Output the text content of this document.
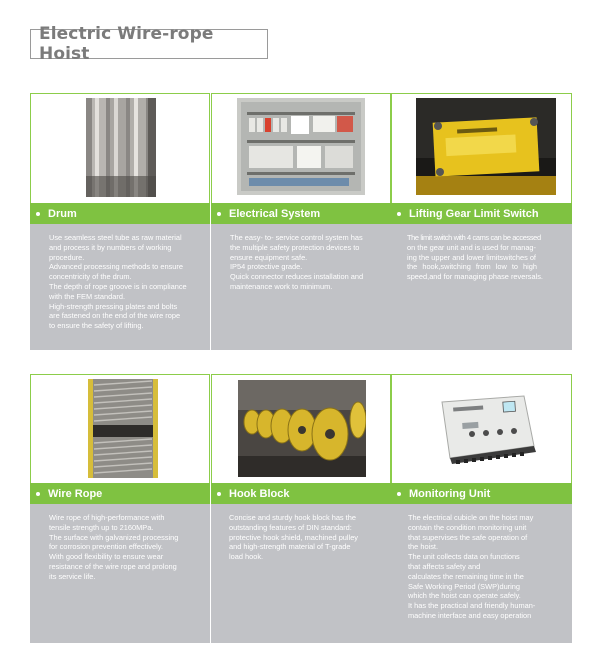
Electric Wire-rope Hoist
Drum

Use seamless steel tube as raw material

and process it by numbers of working

procedure.

Advanced processing methods to ensure

concentricity of the drum.

The depth of rope groove is in compliance

with the FEM standard.

High-strength pressing plates and bolts

are fastened on the end of the wire rope

to ensure the safety of lifting.

Electrical System

The easy- to- service control system has

the multiple safety protection devices to

ensure equipment safe.

IP54 protective grade.

Quick connector reduces installation and

maintenance work to minimum.

Lifting Gear Limit Switch

The limit switch with 4 cams can be accessed

on the gear unit and is used for manag-

ing the upper and lower limitswitches of

the hook,switching from low to high

speed,and for managing phase reversals.

Wire Rope

Wire rope of high-performance with

tensile strength up to 2160MPa.

The surface with galvanized processing

for corrosion prevention effectively.

With good flexibility to ensure wear

resistance of the wire rope and prolong

its service life.

Hook Block

Concise and sturdy hook block has the

outstanding features of DIN standard:

protective hook shield, machined pulley

and high-strength material of T-grade

load hook.

Monitoring Unit

The electrical cubicle on the hoist may

contain the condition monitoring unit

that supervises the safe operation of

the hoist.

The unit collects data on functions

that affects safety and

calculates the remaining time in the

Safe Working Period (SWP)during

which the hoist can operate safely.

It has the practical and friendly human-

machine interface and easy operation
